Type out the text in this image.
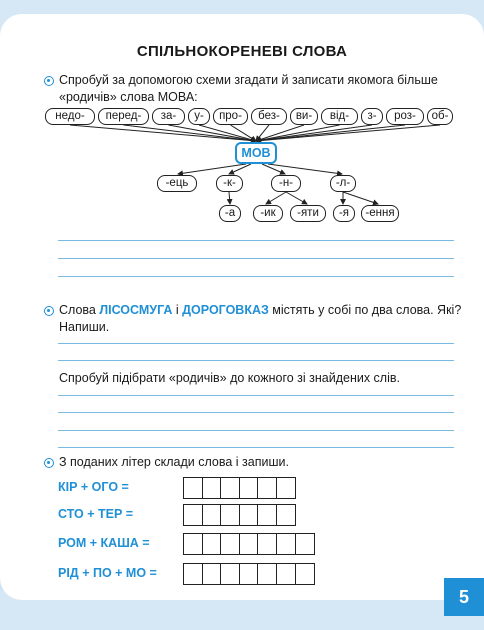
5
СПІЛЬНОКОРЕНЕВІ СЛОВА
Спробуй за допомогою схеми згадати й записати якомога більше
«родичів» слова МОВА:
недо-	перед-	за-	у-	про-	без-	ви-	від-	з-	роз-	об-
МОВ
-ець	-к-	-н-	-л-
-а	-ик	-яти	-я	-ення
Слова ЛІСОСМУГА і ДОРОГОВКАЗ містять у собі по два слова. Які?
Напиши.
Спробуй підібрати «родичів» до кожного зі знайдених слів.
З поданих літер склади слова і запиши.
КІР + ОГО =
СТО + ТЕР =
РОМ + КАША =
РІД + ПО + МО =
